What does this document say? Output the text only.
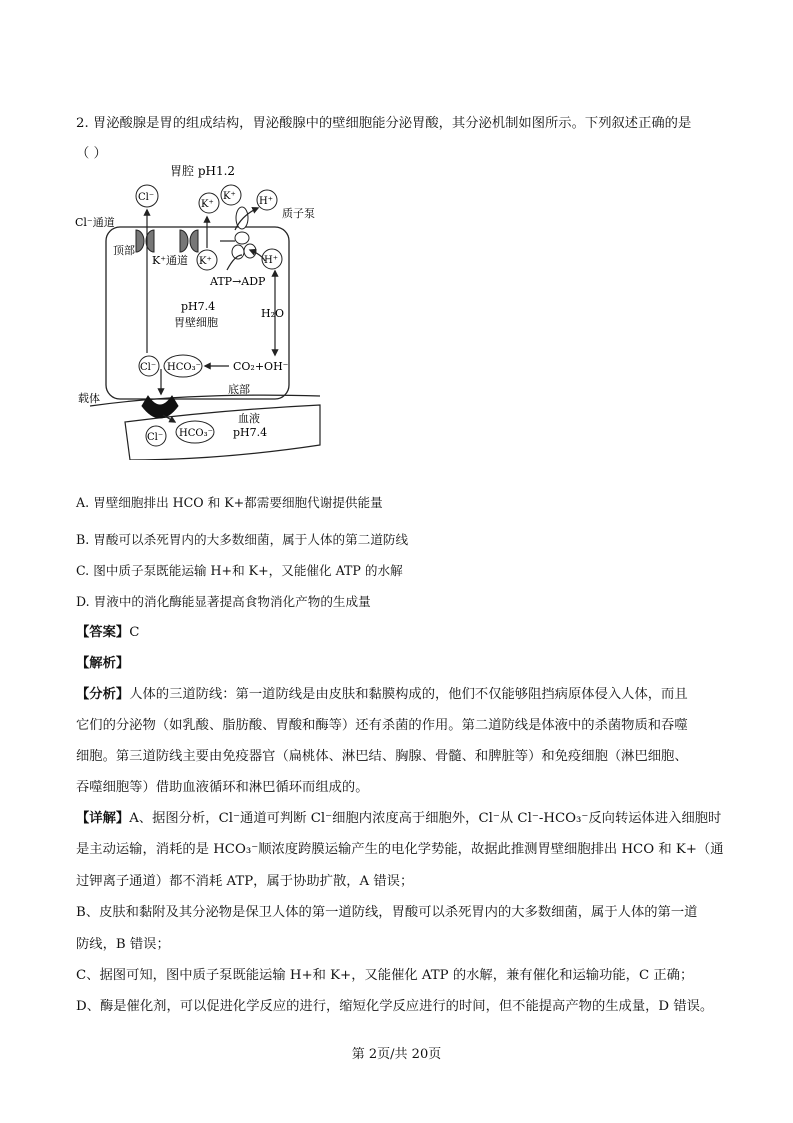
2. 胃泌酸腺是胃的组成结构，胃泌酸腺中的壁细胞能分泌胃酸，其分泌机制如图所示。下列叙述正确的是
（ ）
胃腔 pH1.2
Cl⁻通道
顶部
K⁺通道
质子泵
Cl⁻
K⁺
K⁺ H⁺
K⁺	H⁺
ATP→ADP
pH7.4
胃壁细胞
H₂O
CO₂+OH⁻
Cl⁻ HCO₃⁻
底部
载体
血液
pH7.4
Cl⁻ HCO₃⁻
A. 胃壁细胞排出 HCO 和 K+都需要细胞代谢提供能量
B. 胃酸可以杀死胃内的大多数细菌，属于人体的第二道防线
C. 图中质子泵既能运输 H+和 K+，又能催化 ATP 的水解
D. 胃液中的消化酶能显著提高食物消化产物的生成量
【答案】C
【解析】
【分析】人体的三道防线：第一道防线是由皮肤和黏膜构成的，他们不仅能够阻挡病原体侵入人体，而且
它们的分泌物（如乳酸、脂肪酸、胃酸和酶等）还有杀菌的作用。第二道防线是体液中的杀菌物质和吞噬
细胞。第三道防线主要由免疫器官（扁桃体、淋巴结、胸腺、骨髓、和脾脏等）和免疫细胞（淋巴细胞、
吞噬细胞等）借助血液循环和淋巴循环而组成的。
【详解】A、据图分析，Cl⁻通道可判断 Cl⁻细胞内浓度高于细胞外，Cl⁻从 Cl⁻-HCO₃⁻反向转运体进入细胞时
是主动运输，消耗的是 HCO₃⁻顺浓度跨膜运输产生的电化学势能，故据此推测胃壁细胞排出 HCO 和 K+（通
过钾离子通道）都不消耗 ATP，属于协助扩散，A 错误；
B、皮肤和黏附及其分泌物是保卫人体的第一道防线，胃酸可以杀死胃内的大多数细菌，属于人体的第一道
防线，B 错误；
C、据图可知，图中质子泵既能运输 H+和 K+，又能催化 ATP 的水解，兼有催化和运输功能，C 正确；
D、酶是催化剂，可以促进化学反应的进行，缩短化学反应进行的时间，但不能提高产物的生成量，D 错误。
第 2页/共 20页
